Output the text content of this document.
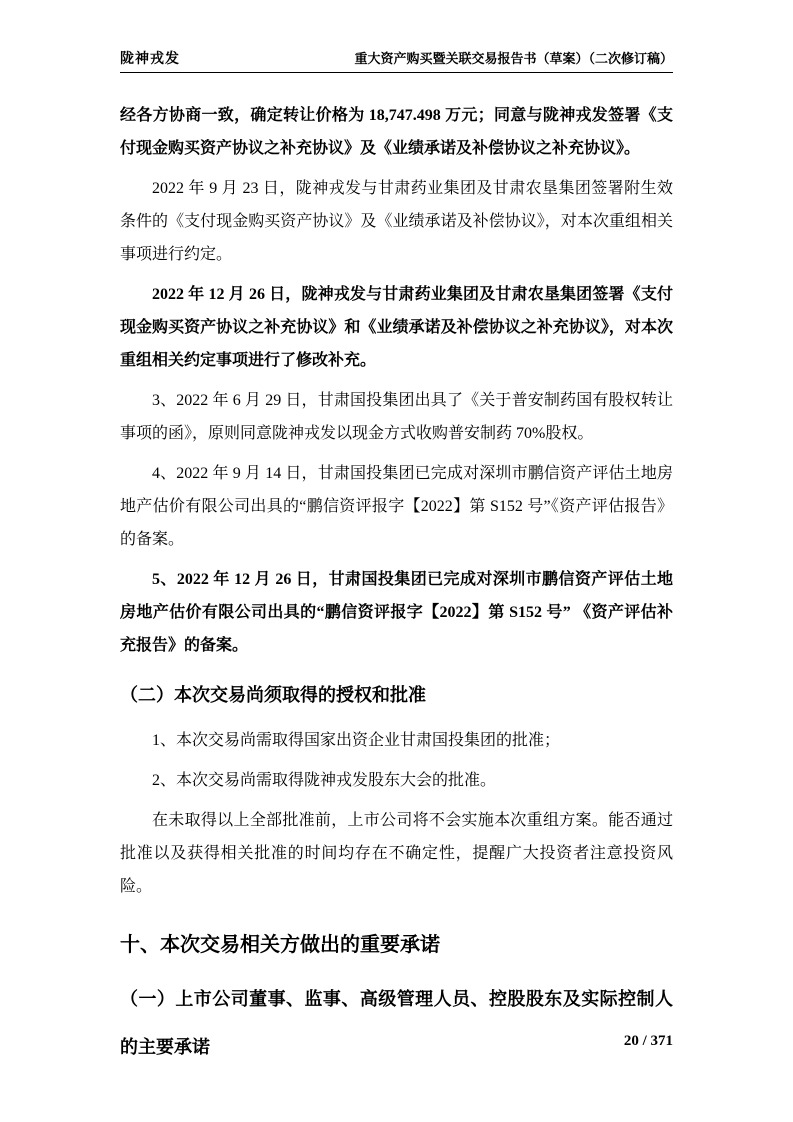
陇神戎发	重大资产购买暨关联交易报告书（草案）（二次修订稿）

经各方协商一致，确定转让价格为 18,747.498 万元；同意与陇神戎发签署《支付现金购买资产协议之补充协议》及《业绩承诺及补偿协议之补充协议》。

2022 年 9 月 23 日，陇神戎发与甘肃药业集团及甘肃农垦集团签署附生效条件的《支付现金购买资产协议》及《业绩承诺及补偿协议》，对本次重组相关事项进行约定。

2022 年 12 月 26 日，陇神戎发与甘肃药业集团及甘肃农垦集团签署《支付现金购买资产协议之补充协议》和《业绩承诺及补偿协议之补充协议》，对本次重组相关约定事项进行了修改补充。

3、2022 年 6 月 29 日，甘肃国投集团出具了《关于普安制药国有股权转让事项的函》，原则同意陇神戎发以现金方式收购普安制药 70%股权。

4、2022 年 9 月 14 日，甘肃国投集团已完成对深圳市鹏信资产评估土地房地产估价有限公司出具的“鹏信资评报字【2022】第 S152 号”《资产评估报告》的备案。

5、2022 年 12 月 26 日，甘肃国投集团已完成对深圳市鹏信资产评估土地房地产估价有限公司出具的“鹏信资评报字【2022】第 S152 号” 《资产评估补充报告》的备案。

（二）本次交易尚须取得的授权和批准

1、本次交易尚需取得国家出资企业甘肃国投集团的批准；

2、本次交易尚需取得陇神戎发股东大会的批准。

在未取得以上全部批准前，上市公司将不会实施本次重组方案。能否通过批准以及获得相关批准的时间均存在不确定性，提醒广大投资者注意投资风险。

十、本次交易相关方做出的重要承诺
（一）上市公司董事、监事、高级管理人员、控股股东及实际控制人的主要承诺	20 / 371
